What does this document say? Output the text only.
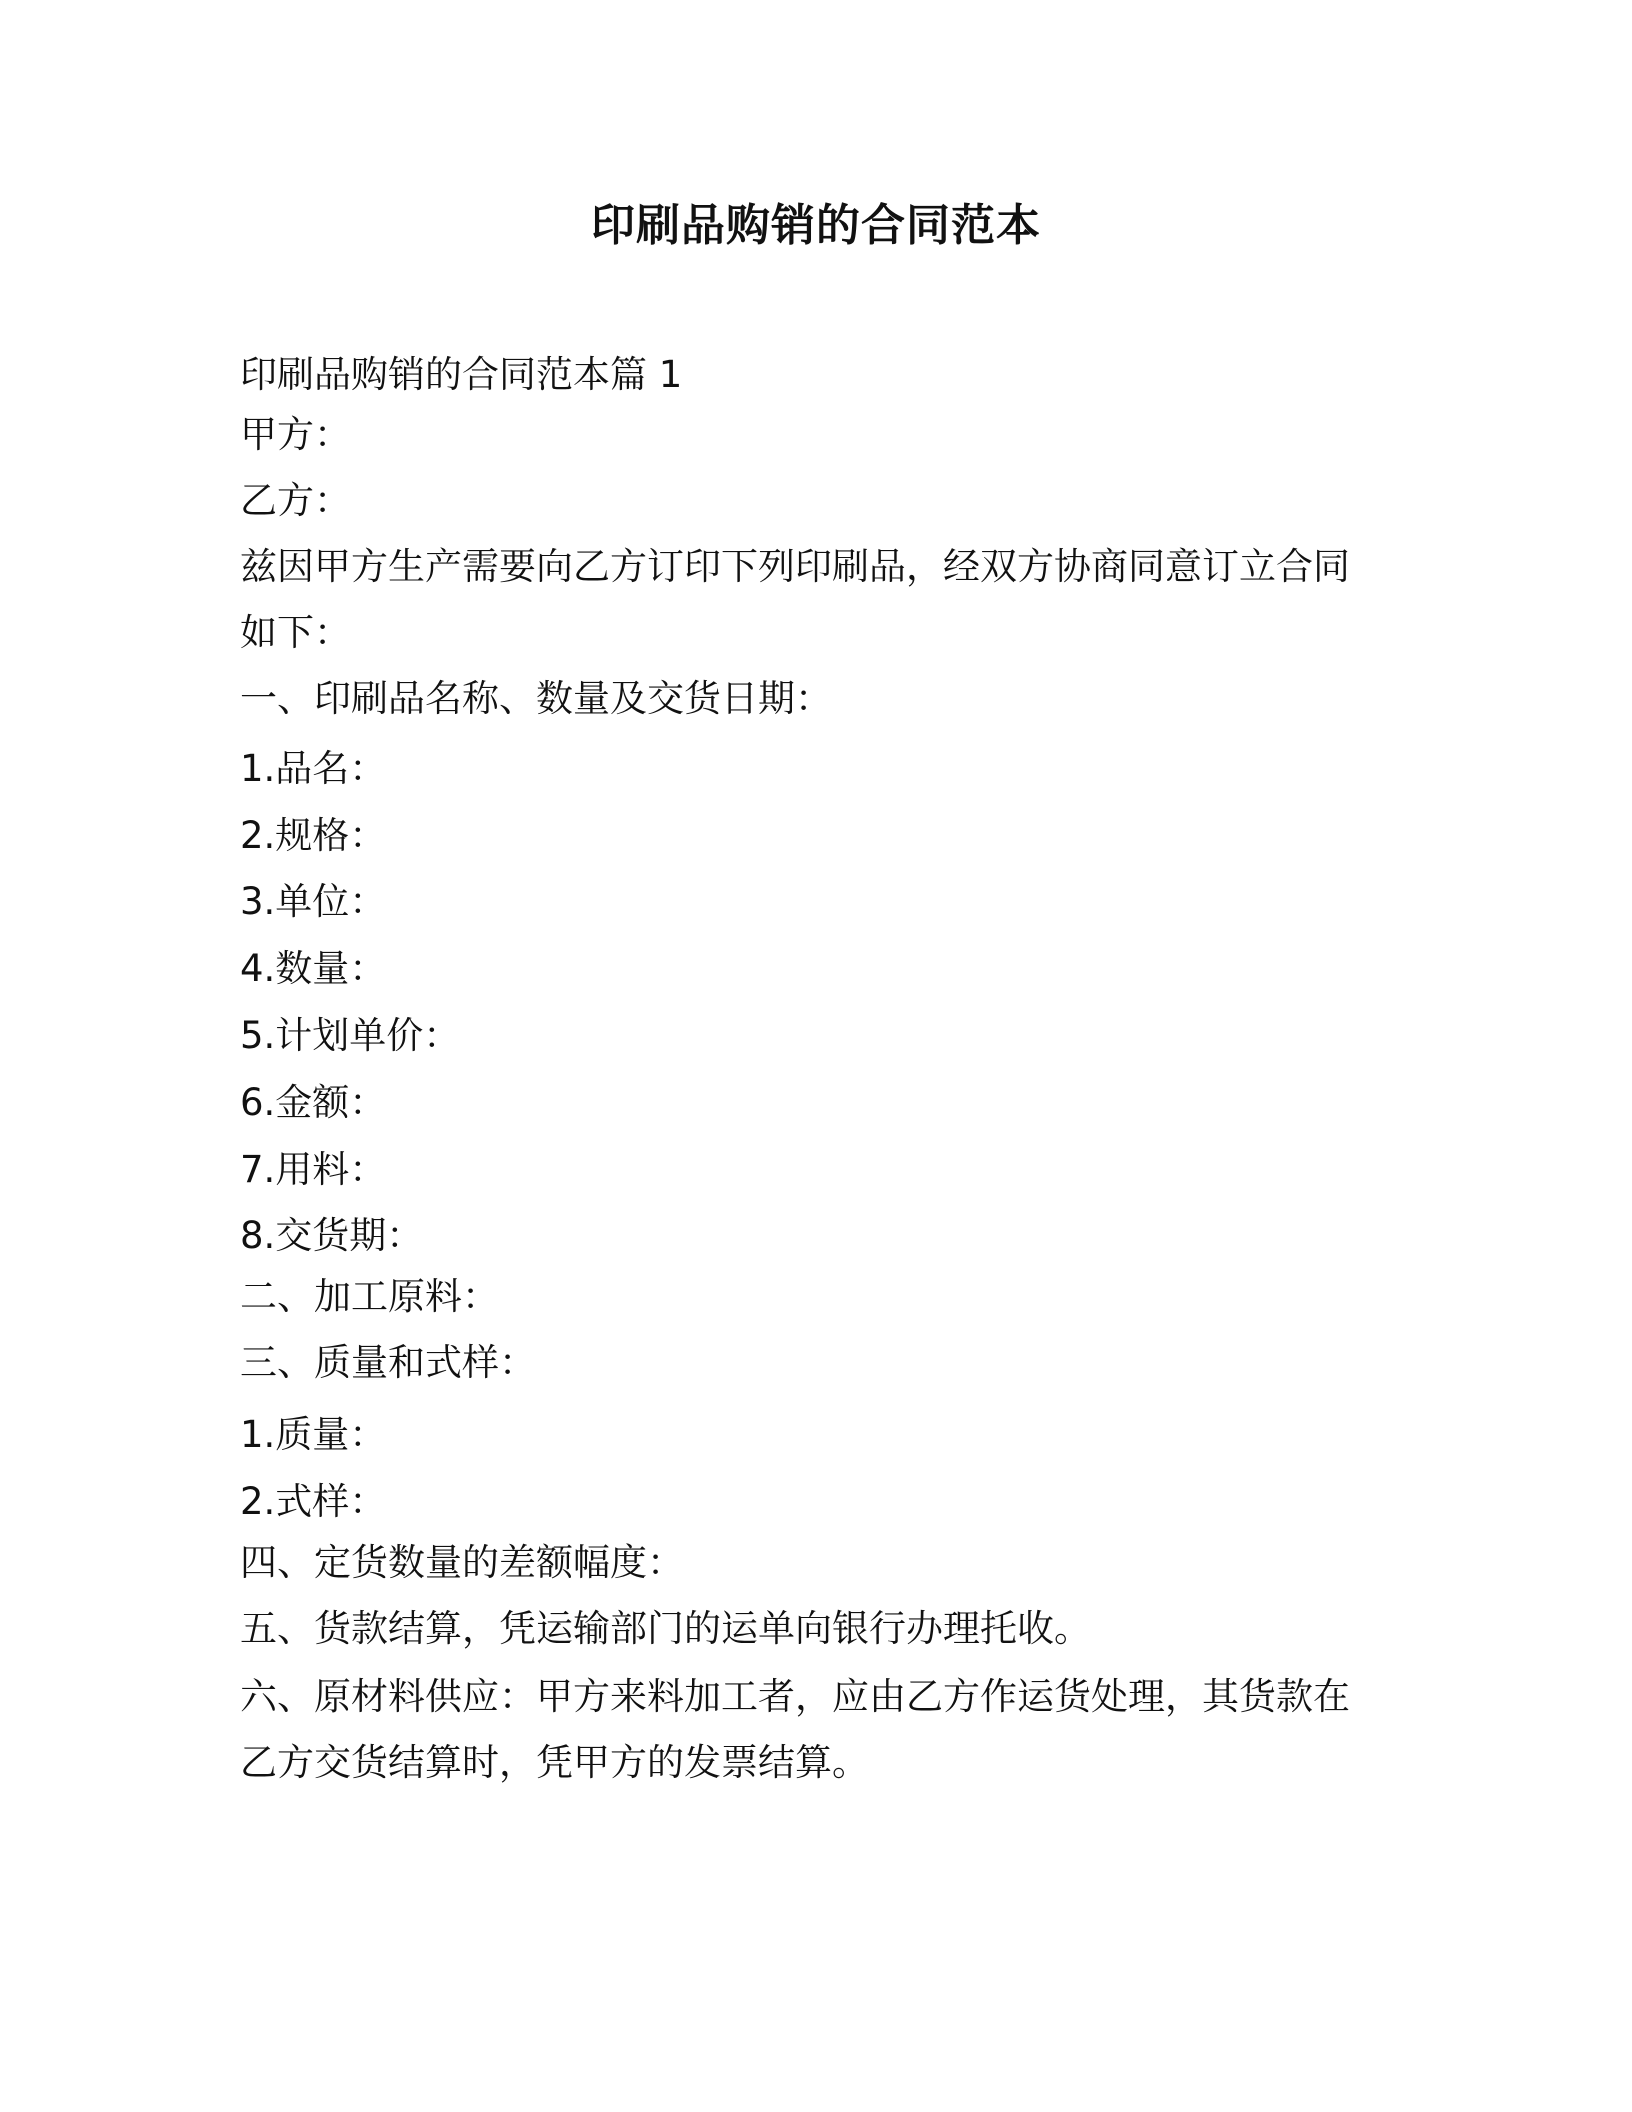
印刷品购销的合同范本

印刷品购销的合同范本篇 1

甲方：

乙方：

兹因甲方生产需要向乙方订印下列印刷品，经双方协商同意订立合同

如下：

一、印刷品名称、数量及交货日期：

1.品名：

2.规格：

3.单位：

4.数量：

5.计划单价：

6.金额：

7.用料：

8.交货期：

二、加工原料：

三、质量和式样：

1.质量：

2.式样：

四、定货数量的差额幅度：

五、货款结算，凭运输部门的运单向银行办理托收。

六、原材料供应：甲方来料加工者，应由乙方作运货处理，其货款在

乙方交货结算时，凭甲方的发票结算。
